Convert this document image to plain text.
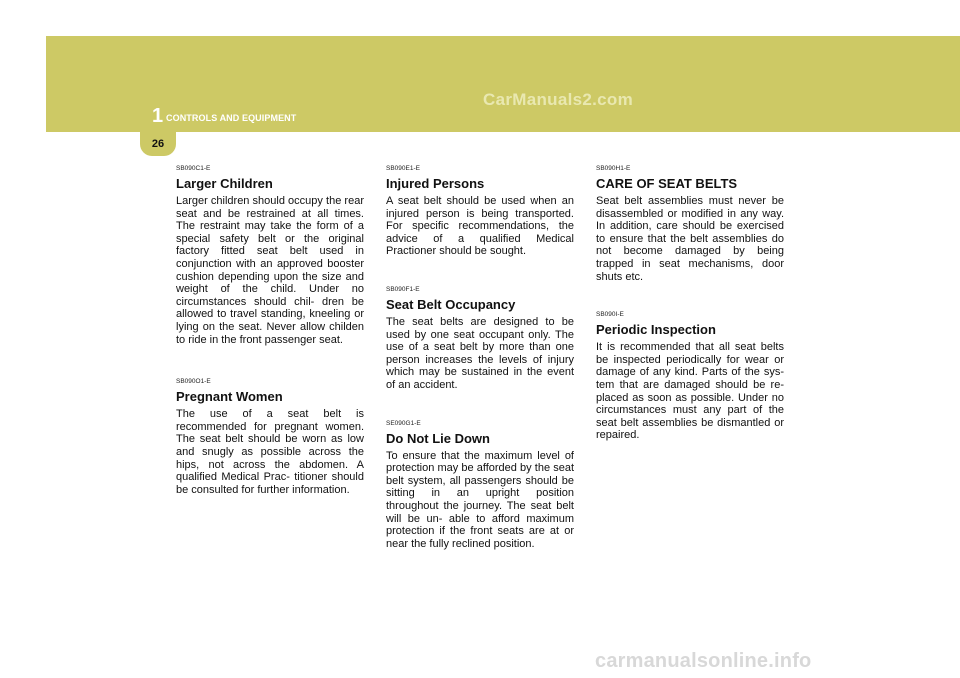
1 CONTROLS AND EQUIPMENT
CarManuals2.com
26

SB090C1-E

Larger Children

Larger children should occupy the rear seat and be restrained at all times. The restraint may take the form of a special safety belt or the original factory fitted seat belt used in conjunction with an approved booster cushion depending upon the size and weight of the child. Under no circumstances should chil- dren be allowed to travel standing, kneeling or lying on the seat. Never allow childen to ride in the front passenger seat.

SB090O1-E

Pregnant Women

The use of a seat belt is recommended for pregnant women. The seat belt should be worn as low and snugly as possible across the hips, not across the abdomen. A qualified Medical Prac- titioner should be consulted for further information.

SB090E1-E

Injured Persons

A seat belt should be used when an injured person is being transported. For specific recommendations, the advice of a qualified Medical Practioner should be sought.

SB090F1-E

Seat Belt Occupancy

The seat belts are designed to be used by one seat occupant only. The use of a seat belt by more than one person increases the levels of injury which may be sustained in the event of an accident.

SE090G1-E

Do Not Lie Down

To ensure that the maximum level of protection may be afforded by the seat belt system, all passengers should be sitting in an upright position throughout the journey. The seat belt will be un- able to afford maximum protection if the front seats are at or near the fully reclined position.

SB090H1-E

CARE OF SEAT BELTS

Seat belt assemblies must never be disassembled or modified in any way. In addition, care should be exercised to ensure that the belt assemblies do not become damaged by being trapped in seat mechanisms, door shuts etc.

SB090I-E

Periodic Inspection

It is recommended that all seat belts be inspected periodically for wear or damage of any kind. Parts of the sys- tem that are damaged should be re- placed as soon as possible. Under no circumstances must any part of the seat belt assemblies be dismantled or repaired.

carmanualsonline.info
